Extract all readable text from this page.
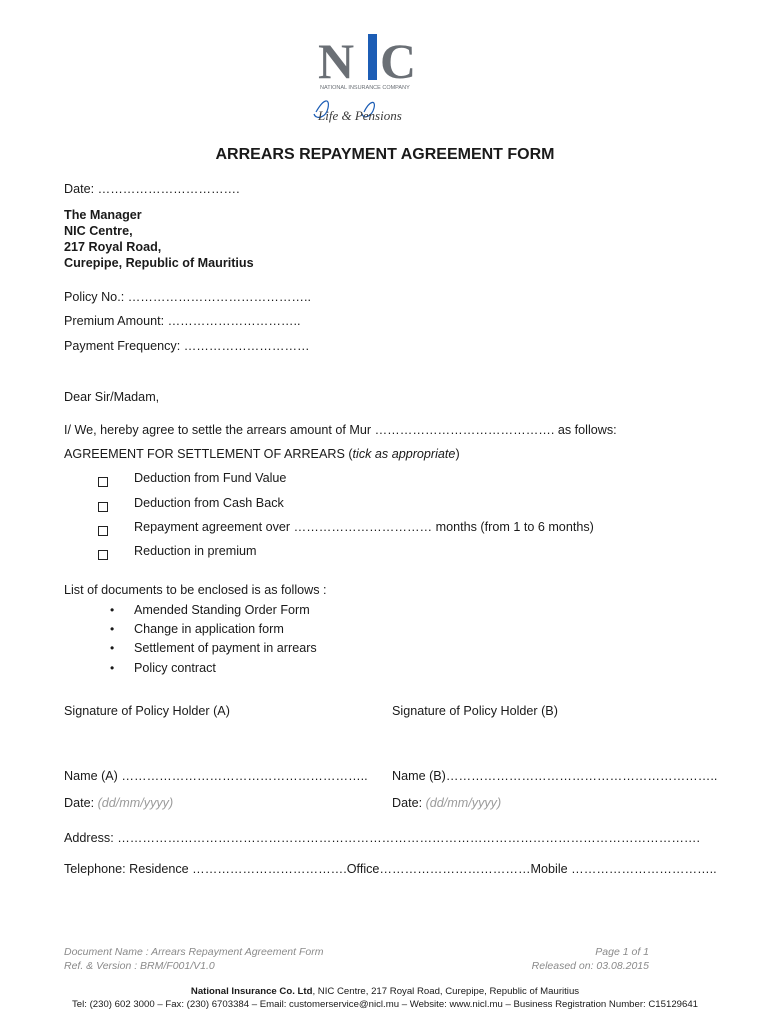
N C
NATIONAL INSURANCE COMPANY
Life & Pensions
ARREARS REPAYMENT AGREEMENT FORM
Date: …………………………….
The Manager
NIC Centre,
217 Royal Road,
Curepipe, Republic of Mauritius
Policy No.: ……………………………………..
Premium Amount: …………………………..
Payment Frequency: …………………………
Dear Sir/Madam,
I/ We, hereby agree to settle the arrears amount of Mur ……………………………………. as follows:
AGREEMENT FOR SETTLEMENT OF ARREARS (tick as appropriate)
Deduction from Fund Value
Deduction from Cash Back
Repayment agreement over …………………………… months (from 1 to 6 months)
Reduction in premium
List of documents to be enclosed is as follows :
• Amended Standing Order Form
• Change in application form
• Settlement of payment in arrears
• Policy contract
Signature of Policy Holder (A)	Signature of Policy Holder (B)
Name (A) ………………………………………………….. Name (B)………………………………………………………..
Date: (dd/mm/yyyy)	Date: (dd/mm/yyyy)
Address: ………………………………………………………………………………………………………………………….
Telephone: Residence ……………………………….Office………………………………Mobile ……………………………..
Document Name : Arrears Repayment Agreement Form
Ref. & Version : BRM/F001/V1.0
Page 1 of 1
Released on: 03.08.2015
National Insurance Co. Ltd, NIC Centre, 217 Royal Road, Curepipe, Republic of Mauritius
Tel: (230) 602 3000 – Fax: (230) 6703384 – Email: customerservice@nicl.mu – Website: www.nicl.mu – Business Registration Number: C15129641
